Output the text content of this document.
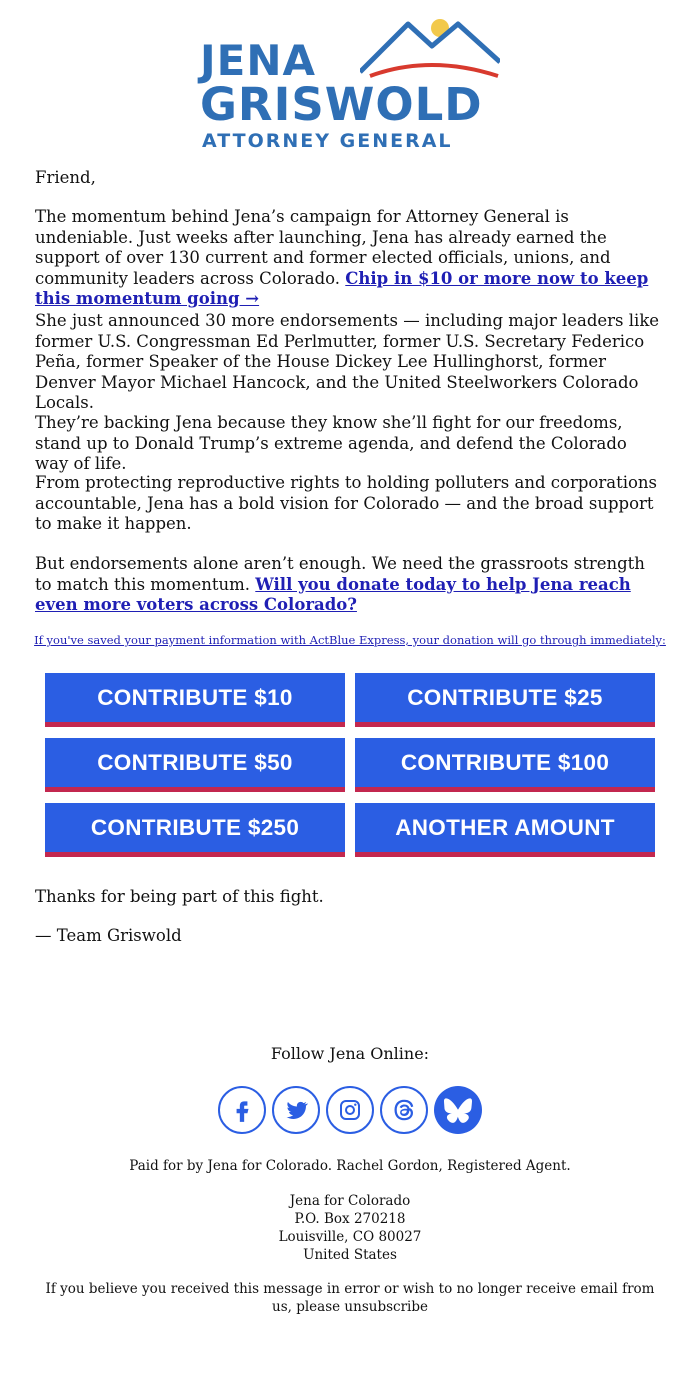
JENA
GRISWOLD
ATTORNEY GENERAL

Friend,

The momentum behind Jena’s campaign for Attorney General is undeniable. Just weeks after launching, Jena has already earned the support of over 130 current and former elected officials, unions, and community leaders across Colorado. Chip in $10 or more now to keep this momentum going →

She just announced 30 more endorsements — including major leaders like former U.S. Congressman Ed Perlmutter, former U.S. Secretary Federico Peña, former Speaker of the House Dickey Lee Hullinghorst, former Denver Mayor Michael Hancock, and the United Steelworkers Colorado Locals.

They’re backing Jena because they know she’ll fight for our freedoms, stand up to Donald Trump’s extreme agenda, and defend the Colorado way of life.

From protecting reproductive rights to holding polluters and corporations accountable, Jena has a bold vision for Colorado — and the broad support to make it happen.

But endorsements alone aren’t enough. We need the grassroots strength to match this momentum. Will you donate today to help Jena reach even more voters across Colorado?

If you've saved your payment information with ActBlue Express, your donation will go through immediately:
CONTRIBUTE $10	CONTRIBUTE $25
CONTRIBUTE $50	CONTRIBUTE $100
CONTRIBUTE $250	ANOTHER AMOUNT

Thanks for being part of this fight.

— Team Griswold

Follow Jena Online:
Paid for by Jena for Colorado. Rachel Gordon, Registered Agent.
Jena for Colorado
P.O. Box 270218
Louisville, CO 80027
United States
If you believe you received this message in error or wish to no longer receive email from us, please unsubscribe
